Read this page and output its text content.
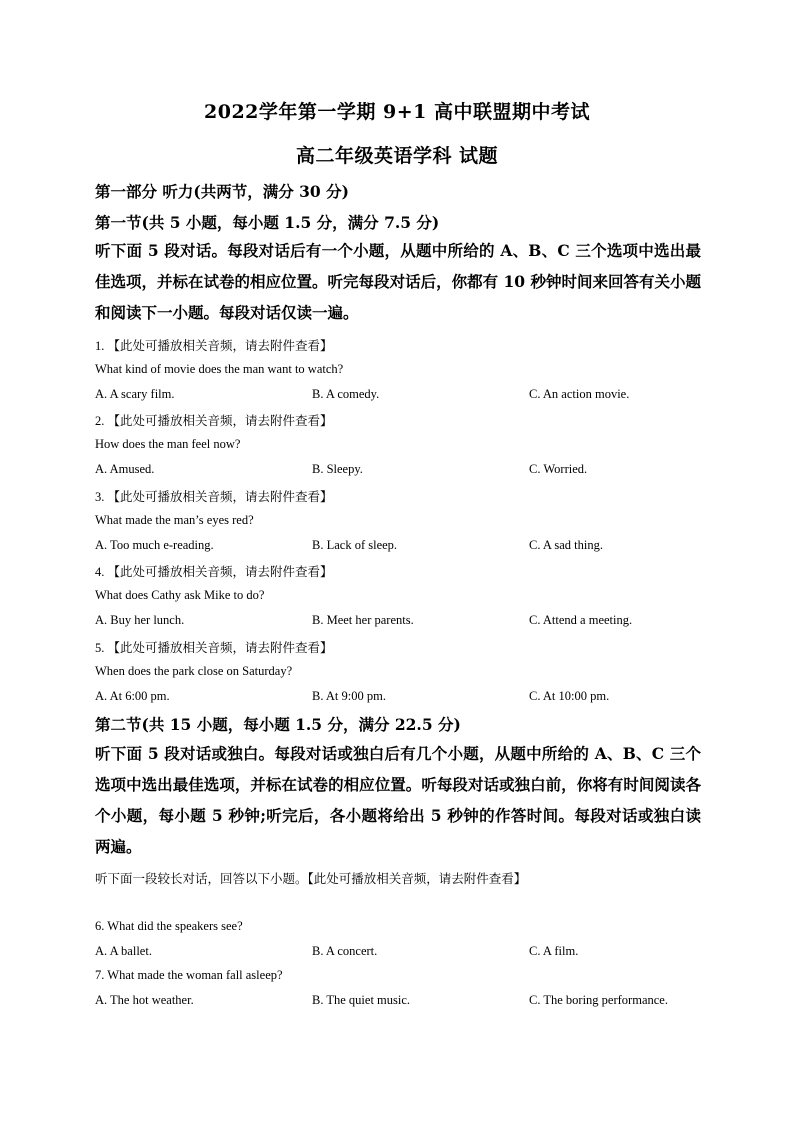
2022学年第一学期 9+1 高中联盟期中考试
高二年级英语学科 试题
第一部分 听力(共两节，满分 30 分)
第一节(共 5 小题，每小题 1.5 分，满分 7.5 分)
听下面 5 段对话。每段对话后有一个小题，从题中所给的 A、B、C 三个选项中选出最佳选项，并标在试卷的相应位置。听完每段对话后，你都有 10 秒钟时间来回答有关小题和阅读下一小题。每段对话仅读一遍。
1. 【此处可播放相关音频，请去附件查看】
What kind of movie does the man want to watch?
A. A scary film.	B. A comedy.	C. An action movie.
2. 【此处可播放相关音频，请去附件查看】
How does the man feel now?
A. Amused.	B. Sleepy.	C. Worried.
3. 【此处可播放相关音频，请去附件查看】
What made the man’s eyes red?
A. Too much e-reading.	B. Lack of sleep.	C. A sad thing.
4. 【此处可播放相关音频，请去附件查看】
What does Cathy ask Mike to do?
A. Buy her lunch.	B. Meet her parents.	C. Attend a meeting.
5. 【此处可播放相关音频，请去附件查看】
When does the park close on Saturday?
A. At 6:00 pm.	B. At 9:00 pm.	C. At 10:00 pm.
第二节(共 15 小题，每小题 1.5 分，满分 22.5 分)
听下面 5 段对话或独白。每段对话或独白后有几个小题，从题中所给的 A、B、C 三个选项中选出最佳选项，并标在试卷的相应位置。听每段对话或独白前，你将有时间阅读各个小题，每小题 5 秒钟;听完后，各小题将给出 5 秒钟的作答时间。每段对话或独白读两遍。
听下面一段较长对话，回答以下小题。【此处可播放相关音频，请去附件查看】
6. What did the speakers see?
A. A ballet.	B. A concert.	C. A film.
7. What made the woman fall asleep?
A. The hot weather.	B. The quiet music.	C. The boring performance.
